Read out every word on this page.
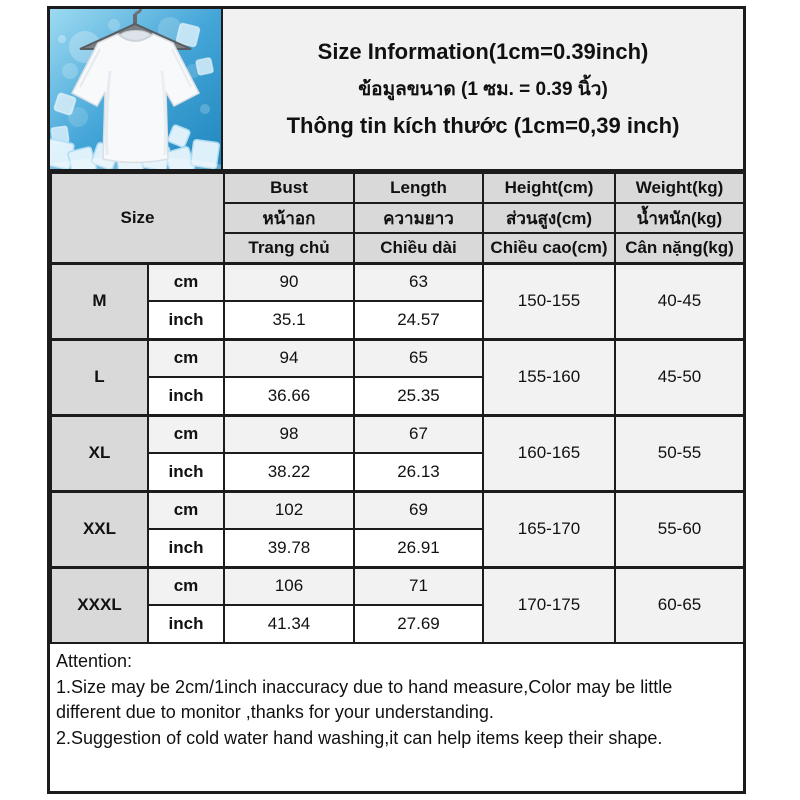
Size Information(1cm=0.39inch)
ข้อมูลขนาด (1 ซม. = 0.39 นิ้ว)
Thông tin kích thước (1cm=0,39 inch)
Size		Bust	Length	Height(cm)	Weight(kg)
		หน้าอก	ความยาว	ส่วนสูง(cm)	น้ำหนัก(kg)
		Trang chủ	Chiều dài	Chiều cao(cm)	Cân nặng(kg)
M	cm	90	63	150-155	40-45
	inch	35.1	24.57		
L	cm	94	65	155-160	45-50
	inch	36.66	25.35		
XL	cm	98	67	160-165	50-55
	inch	38.22	26.13		
XXL	cm	102	69	165-170	55-60
	inch	39.78	26.91		
XXXL	cm	106	71	170-175	60-65
	inch	41.34	27.69		

Attention:

1.Size may be 2cm/1inch inaccuracy due to hand measure,Color may be little different due to monitor ,thanks for your understanding.

2.Suggestion of cold water hand washing,it can help items keep their shape.
